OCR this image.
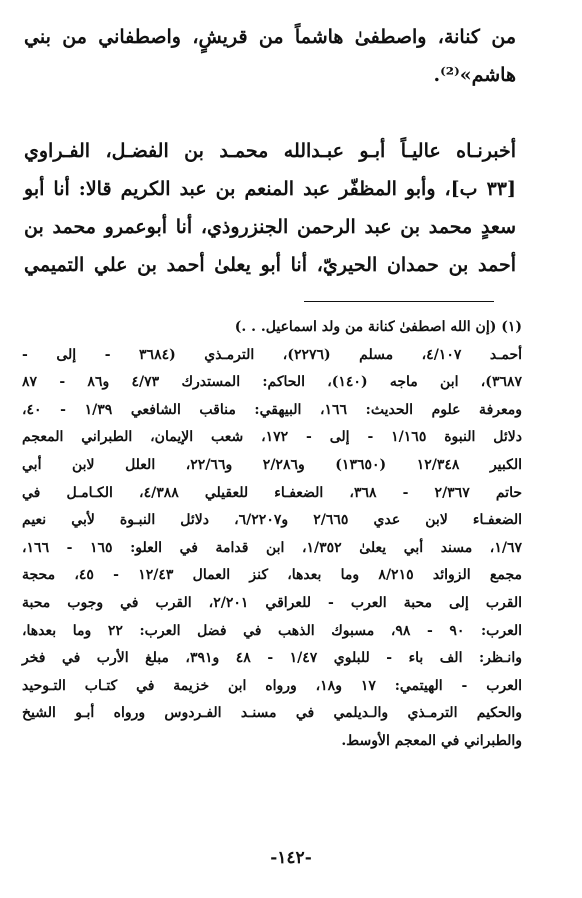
من كنانة، واصطفىٰ هاشماً من قريشٍ، واصطفاني من بني
هاشم»⁽²⁾.
أخبرنـاه عاليـاً أبـو عبـدالله محمـد بن الفضـل، الفـراوي
[٣٣ ب]، وأبو المظفّر عبد المنعم بن عبد الكريم قالا: أنا أبو
سعدٍ محمد بن عبد الرحمن الجنزروذي، أنا أبوعمرو محمد بن
أحمد بن حمدان الحيريّ، أنا أبو يعلىٰ أحمد بن علي التميمي
(١) (إن الله اصطفىٰ كنانة من ولد اسماعيل. . .)
أحمـد ٤/١٠٧، مسلم (٢٢٧٦)، الترمـذي (٣٦٨٤ - إلى -
٣٦٨٧)، ابن ماجه (١٤٠)، الحاكم: المستدرك ٤/٧٣ و٨٦ - ٨٧
ومعرفة علوم الحديث: ١٦٦، البيهقي: مناقب الشافعي ١/٣٩ - ٤٠،
دلائل النبوة ١/١٦٥ - إلى - ١٧٢، شعب الإيمان، الطبراني المعجم
الكبير ١٢/٣٤٨ (١٣٦٥٠) و٢/٢٨٦ و٢٢/٦٦، العلل لابن أبي
حاتم ٢/٣٦٧ - ٣٦٨، الضعفـاء للعقيلي ٤/٣٨٨، الكـامـل في
الضعفـاء لابن عدي ٢/٦٦٥ و٦/٢٢٠٧، دلائل النبـوة لأبي نعيم
١/٦٧، مسند أبي يعلىٰ ١/٣٥٢، ابن قدامة في العلو: ١٦٥ - ١٦٦،
مجمع الزوائد ٨/٢١٥ وما بعدها، كنز العمال ١٢/٤٣ - ٤٥، محجة
القرب إلى محبة العرب - للعراقي ٢/٢٠١، القرب في وجوب محبة
العرب: ٩٠ - ٩٨، مسبوك الذهب في فضل العرب: ٢٢ وما بعدها،
وانـظر: الف باء - للبلوي ١/٤٧ - ٤٨ و٣٩١، مبلغ الأرب في فخر
العرب - الهيتمي: ١٧ و١٨، ورواه ابن خزيمة في كتـاب التـوحيد
والحكيم الترمـذي والـديلمي في مسنـد الفـردوس ورواه أبـو الشيخ
والطبراني في المعجم الأوسط.
-١٤٢-
